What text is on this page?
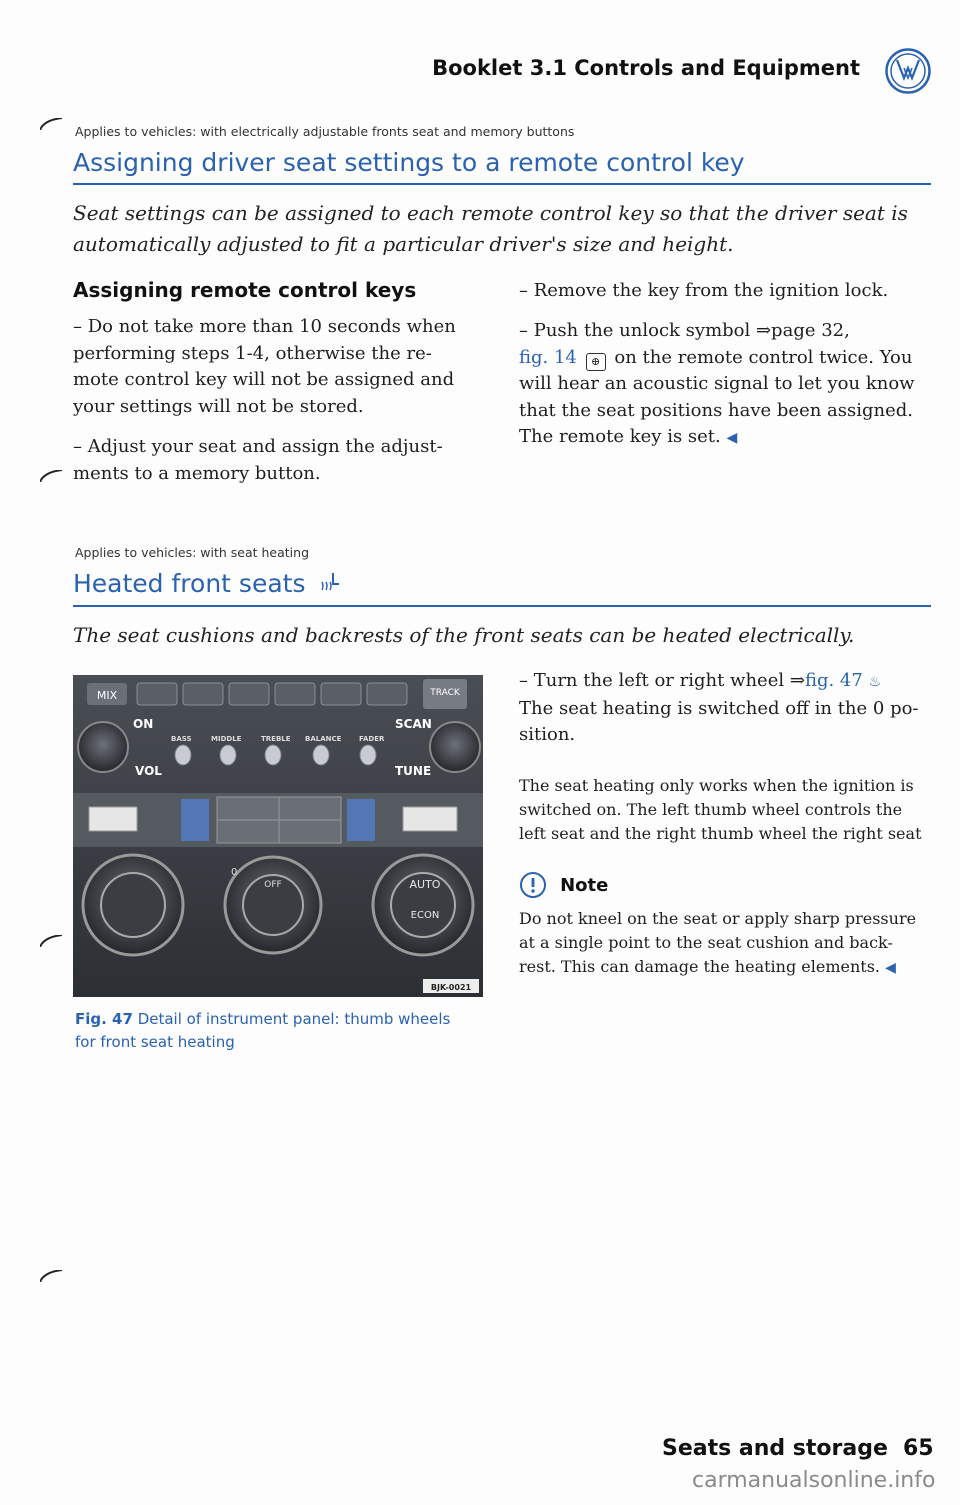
Booklet 3.1 Controls and Equipment
Applies to vehicles: with electrically adjustable fronts seat and memory buttons
Assigning driver seat settings to a remote control key
Seat settings can be assigned to each remote control key so that the driver seat is
automatically adjusted to fit a particular driver's size and height.
Assigning remote control keys
– Do not take more than 10 seconds when
performing steps 1-4, otherwise the re-
mote control key will not be assigned and
your settings will not be stored.
– Adjust your seat and assign the adjust-
ments to a memory button.
– Remove the key from the ignition lock.
– Push the unlock symbol ⇒page 32,
fig. 14 ⊕ on the remote control twice. You
will hear an acoustic signal to let you know
that the seat positions have been assigned.
The remote key is set. ◀
Applies to vehicles: with seat heating
Heated front seats
The seat cushions and backrests of the front seats can be heated electrically.
MIX	TRACK
ON	SCAN
BASS	MIDDLE	TREBLE BALANCE	FADER
VOL	TUNE
OFF
0
AUTO
ECON
BJK-0021
Fig. 47 Detail of instrument panel: thumb wheels
for front seat heating
– Turn the left or right wheel ⇒fig. 47 ♨
The seat heating is switched off in the 0 po-
sition.
The seat heating only works when the ignition is
switched on. The left thumb wheel controls the
left seat and the right thumb wheel the right seat
Note
Do not kneel on the seat or apply sharp pressure
at a single point to the seat cushion and back-
rest. This can damage the heating elements. ◀
Seats and storage 65
carmanualsonline.info
